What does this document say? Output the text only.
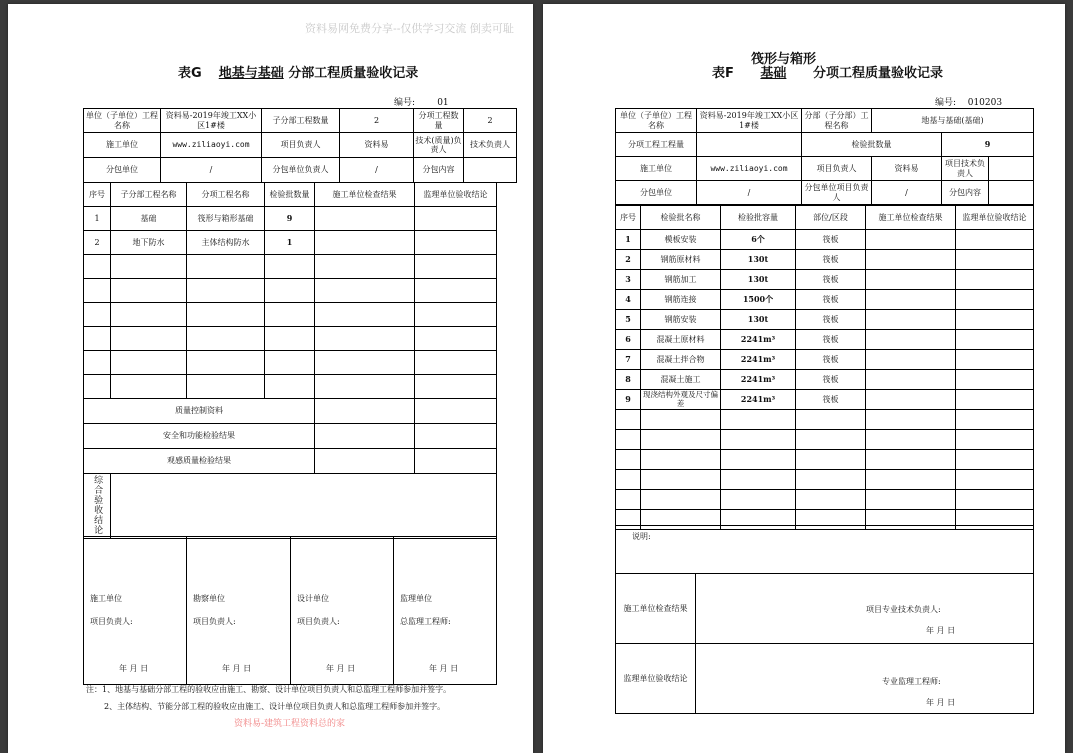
资料易网免费分享--仅供学习交流 倒卖可耻
表G 地基与基础 分部工程质量验收记录
编号: 01
单位（子单位）工程名称	资料易-2019年竣工XX小区1#楼	子分部工程数量	2	分项工程数量	2
施工单位	www.ziliaoyi.com	项目负责人	资料易	技术(质量)负责人	技术负责人
分包单位	/	分包单位负责人	/	分包内容	
序号	子分部工程名称	分项工程名称	检验批数量	施工单位检查结果	监理单位验收结论
1	基础	筏形与箱形基础	9		
2	地下防水	主体结构防水	1		

质量控制资料					
安全和功能检验结果					
观感质量检验结果					
综合验收结论					
施工单位
项目负责人:
年 月 日

勘察单位
项目负责人:
年 月 日

设计单位
项目负责人:
年 月 日

监理单位
总监理工程师:
年 月 日
注：1、地基与基础分部工程的验收应由施工、勘察、设计单位项目负责人和总监理工程师参加并签字。
2、主体结构、节能分部工程的验收应由施工、设计单位项目负责人和总监理工程师参加并签字。
资料易-建筑工程资料总的家
筏形与箱形
表F 基础 分项工程质量验收记录
编号: 010203
单位（子单位）工程名称	资料易-2019年竣工XX小区1#楼	分部（子分部）工程名称	地基与基础(基础)		
分项工程工程量		检验批数量		9	
施工单位	www.ziliaoyi.com	项目负责人	资料易	项目技术负责人	
分包单位	/	分包单位项目负责人	/	分包内容	
序号	检验批名称	检验批容量	部位/区段	施工单位检查结果	监理单位验收结论
1	模板安装	6个	筏板		
2	钢筋原材料	130t	筏板		
3	钢筋加工	130t	筏板		
4	钢筋连接	1500个	筏板		
5	钢筋安装	130t	筏板		
6	混凝土原材料	2241m³	筏板		
7	混凝土拌合物	2241m³	筏板		
8	混凝土施工	2241m³	筏板		
9	现浇结构外观及尺寸偏差	2241m³	筏板		

说明:	

施工单位检查结果	项目专业技术负责人:
年 月 日

监理单位验收结论	专业监理工程师:
年 月 日
